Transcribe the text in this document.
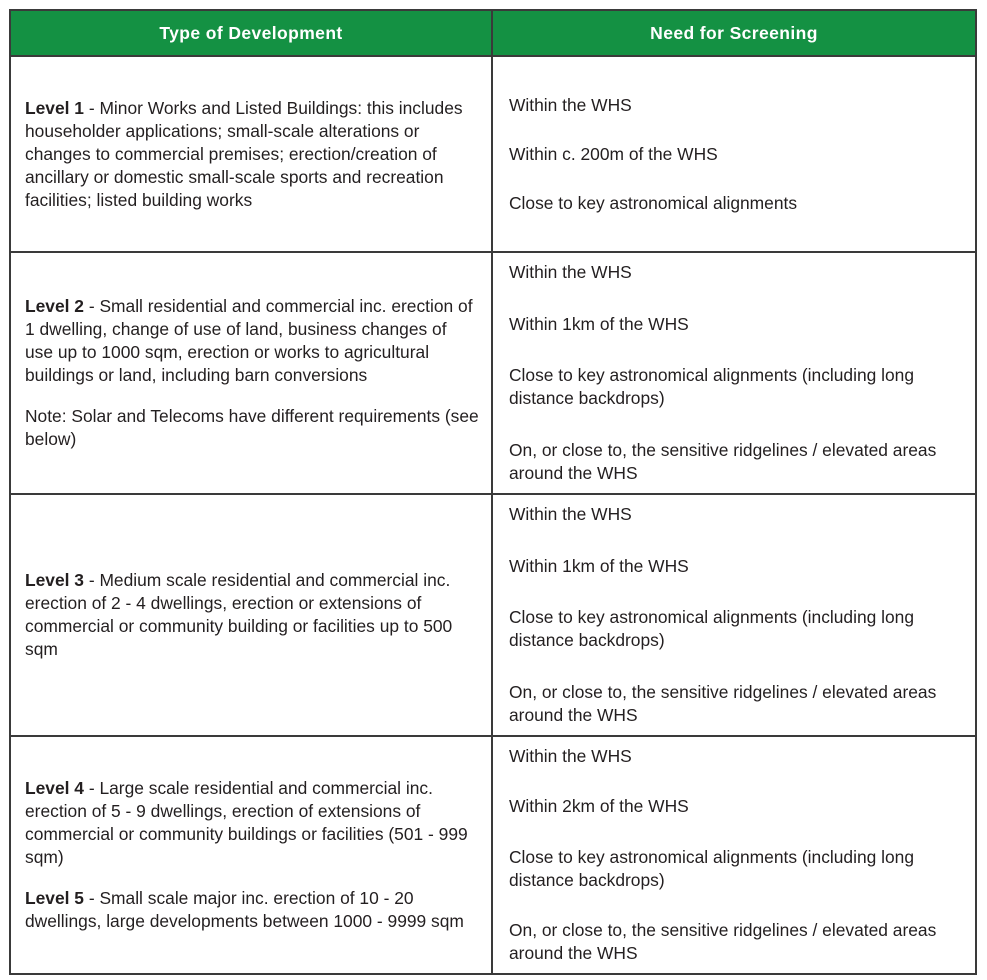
Type of Development	Need for Screening

Level 1 - Minor Works and Listed Buildings: this includes householder applications; small-scale alterations or changes to commercial premises; erection/creation of ancillary or domestic small-scale sports and recreation facilities; listed building works

Within the WHS

Within c. 200m of the WHS

Close to key astronomical alignments

Level 2 - Small residential and commercial inc. erection of 1 dwelling, change of use of land, business changes of use up to 1000 sqm, erection or works to agricultural buildings or land, including barn conversions

Note: Solar and Telecoms have different requirements (see below)

Within the WHS

Within 1km of the WHS

Close to key astronomical alignments (including long distance backdrops)

On, or close to, the sensitive ridgelines / elevated areas around the WHS

Level 3 - Medium scale residential and commercial inc. erection of 2 - 4 dwellings, erection or extensions of commercial or community building or facilities up to 500 sqm

Within the WHS

Within 1km of the WHS

Close to key astronomical alignments (including long distance backdrops)

On, or close to, the sensitive ridgelines / elevated areas around the WHS

Level 4 - Large scale residential and commercial inc. erection of 5 - 9 dwellings, erection of extensions of commercial or community buildings or facilities (501 - 999 sqm)

Level 5 - Small scale major inc. erection of 10 - 20 dwellings, large developments between 1000 - 9999 sqm

Within the WHS

Within 2km of the WHS

Close to key astronomical alignments (including long distance backdrops)

On, or close to, the sensitive ridgelines / elevated areas around the WHS
